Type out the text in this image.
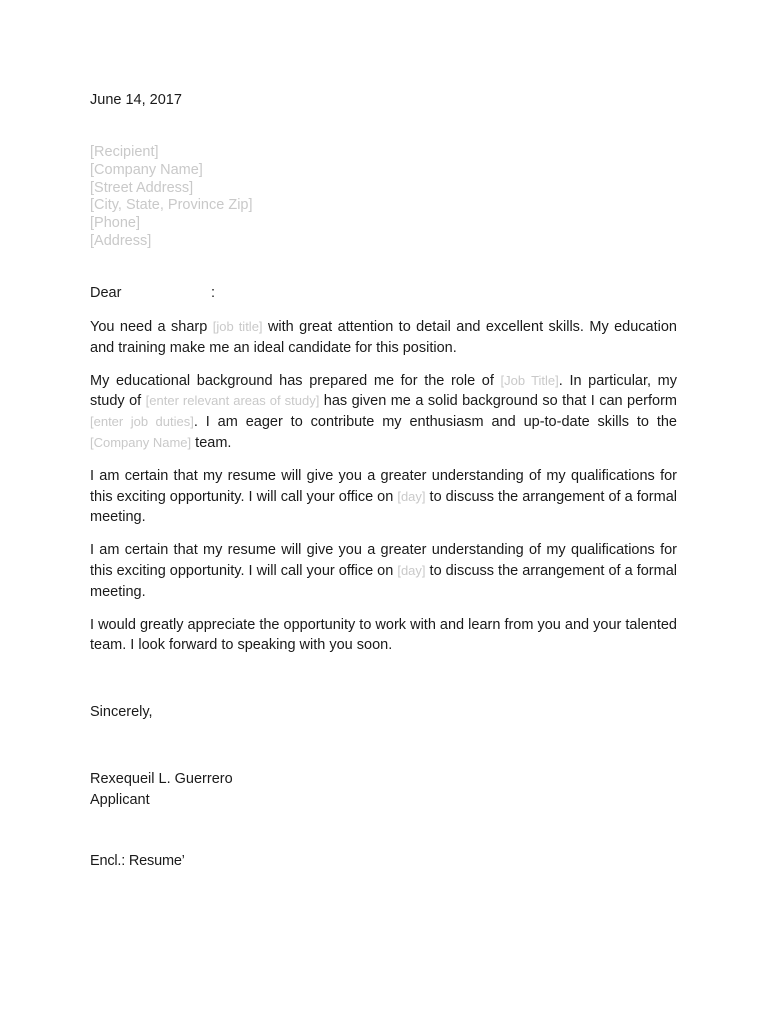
June 14, 2017
[Recipient]
[Company Name]
[Street Address]
[City, State, Province Zip]
[Phone]
[Address]
Dear	:

You need a sharp [job title] with great attention to detail and excellent skills. My education and training make me an ideal candidate for this position.

My educational background has prepared me for the role of [Job Title]. In particular, my study of [enter relevant areas of study] has given me a solid background so that I can perform [enter job duties]. I am eager to contribute my enthusiasm and up-to-date skills to the [Company Name] team.

I am certain that my resume will give you a greater understanding of my qualifications for this exciting opportunity. I will call your office on [day] to discuss the arrangement of a formal meeting.

I am certain that my resume will give you a greater understanding of my qualifications for this exciting opportunity. I will call your office on [day] to discuss the arrangement of a formal meeting.

I would greatly appreciate the opportunity to work with and learn from you and your talented team. I look forward to speaking with you soon.

Sincerely,
Rexequeil L. Guerrero
Applicant
Encl.: Resume’
